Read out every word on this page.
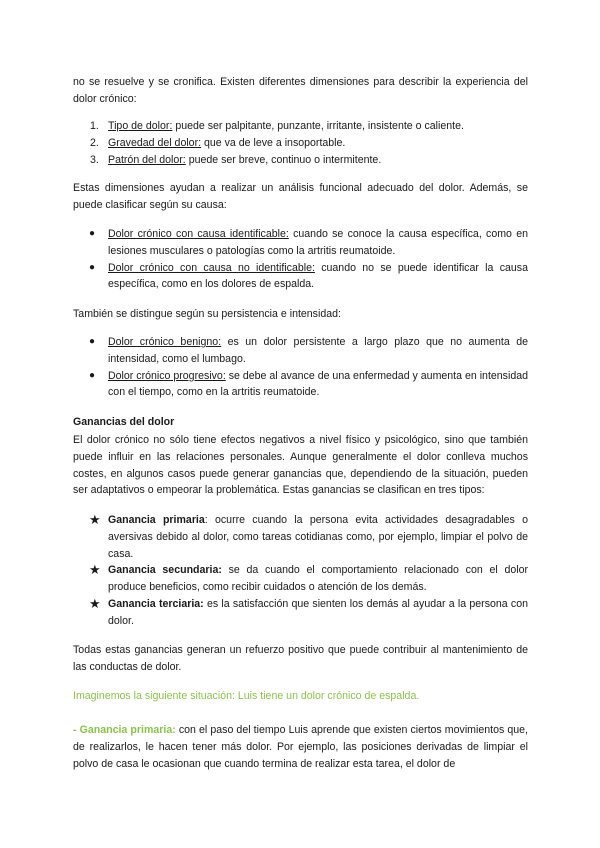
no se resuelve y se cronifica. Existen diferentes dimensiones para describir la experiencia del dolor crónico:

1. Tipo de dolor: puede ser palpitante, punzante, irritante, insistente o caliente.
2. Gravedad del dolor: que va de leve a insoportable.
3. Patrón del dolor: puede ser breve, continuo o intermitente.

Estas dimensiones ayudan a realizar un análisis funcional adecuado del dolor. Además, se puede clasificar según su causa:

● Dolor crónico con causa identificable: cuando se conoce la causa específica, como en lesiones musculares o patologías como la artritis reumatoide.
● Dolor crónico con causa no identificable: cuando no se puede identificar la causa específica, como en los dolores de espalda.

También se distingue según su persistencia e intensidad:

● Dolor crónico benigno: es un dolor persistente a largo plazo que no aumenta de intensidad, como el lumbago.
● Dolor crónico progresivo: se debe al avance de una enfermedad y aumenta en intensidad con el tiempo, como en la artritis reumatoide.

Ganancias del dolor

El dolor crónico no sólo tiene efectos negativos a nivel físico y psicológico, sino que también puede influir en las relaciones personales. Aunque generalmente el dolor conlleva muchos costes, en algunos casos puede generar ganancias que, dependiendo de la situación, pueden ser adaptativos o empeorar la problemática. Estas ganancias se clasifican en tres tipos:

★ Ganancia primaria: ocurre cuando la persona evita actividades desagradables o aversivas debido al dolor, como tareas cotidianas como, por ejemplo, limpiar el polvo de casa.
★ Ganancia secundaria: se da cuando el comportamiento relacionado con el dolor produce beneficios, como recibir cuidados o atención de los demás.
★ Ganancia terciaria: es la satisfacción que sienten los demás al ayudar a la persona con dolor.

Todas estas ganancias generan un refuerzo positivo que puede contribuir al mantenimiento de las conductas de dolor.

Imaginemos la siguiente situación: Luis tiene un dolor crónico de espalda.

- Ganancia primaria: con el paso del tiempo Luis aprende que existen ciertos movimientos que, de realizarlos, le hacen tener más dolor. Por ejemplo, las posiciones derivadas de limpiar el polvo de casa le ocasionan que cuando termina de realizar esta tarea, el dolor de
